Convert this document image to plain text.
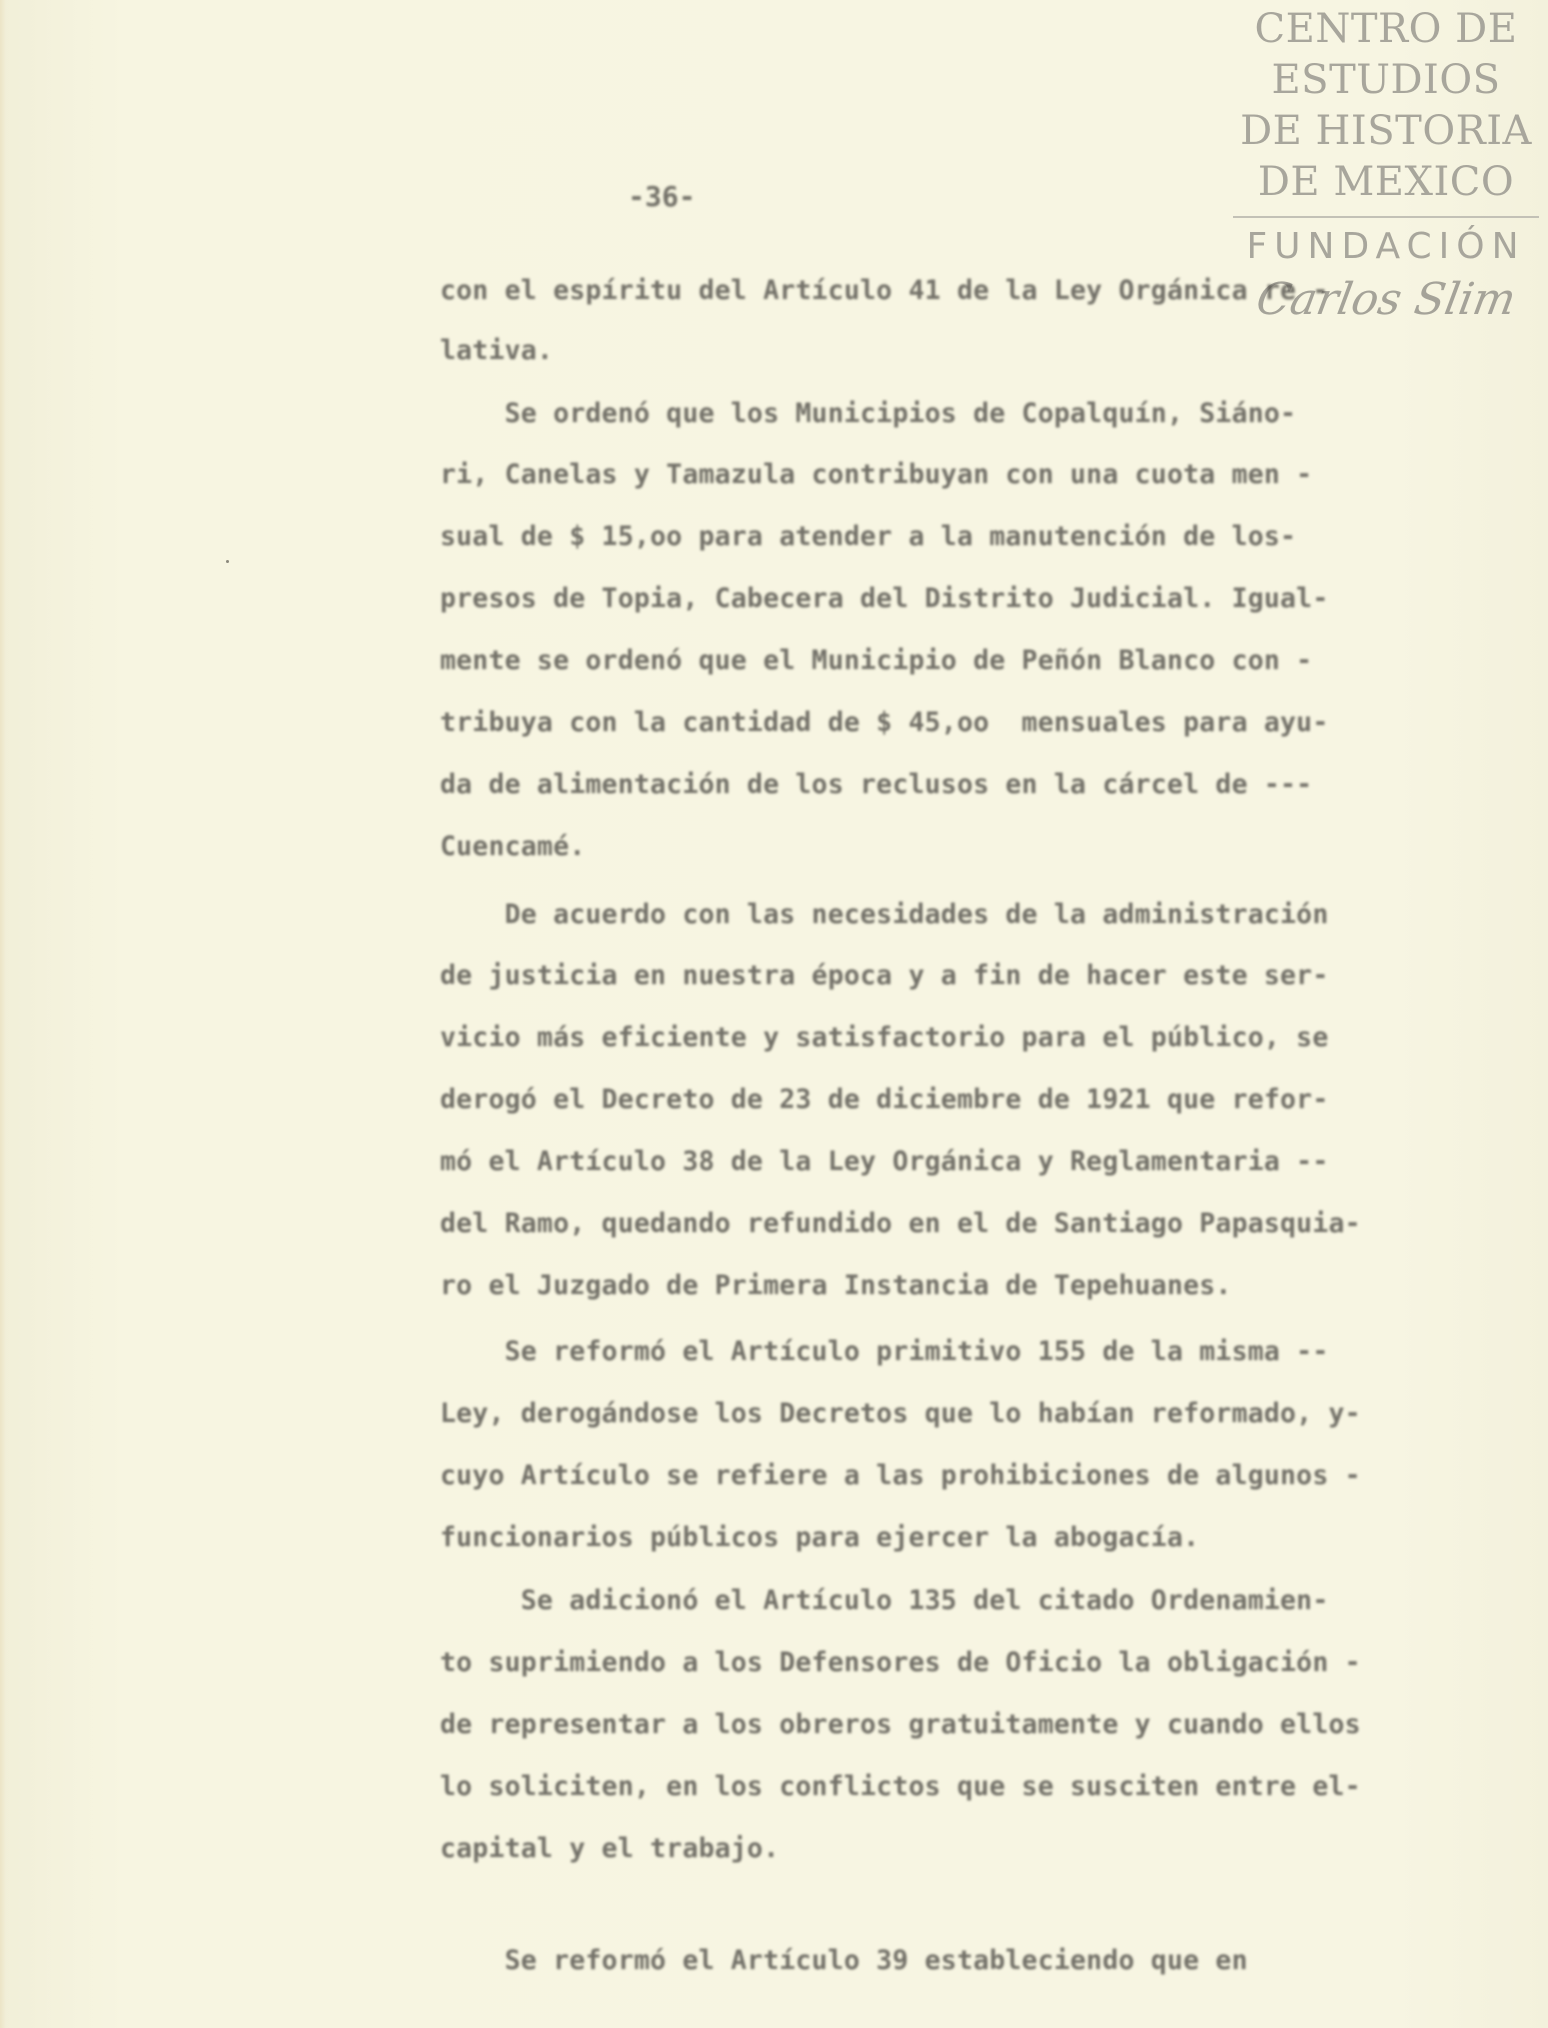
CENTRO DE
ESTUDIOS
DE HISTORIA
DE MEXICO
FUNDACIÓN
Carlos Slim
-36-
con el espíritu del Artículo 41 de la Ley Orgánica re -
lativa.
Se ordenó que los Municipios de Copalquín, Siáno-
ri, Canelas y Tamazula contribuyan con una cuota men -
sual de $ 15,oo para atender a la manutención de los-
presos de Topia, Cabecera del Distrito Judicial. Igual-
mente se ordenó que el Municipio de Peñón Blanco con -
tribuya con la cantidad de $ 45,oo  mensuales para ayu-
da de alimentación de los reclusos en la cárcel de ---
Cuencamé.
De acuerdo con las necesidades de la administración
de justicia en nuestra época y a fin de hacer este ser-
vicio más eficiente y satisfactorio para el público, se
derogó el Decreto de 23 de diciembre de 1921 que refor-
mó el Artículo 38 de la Ley Orgánica y Reglamentaria --
del Ramo, quedando refundido en el de Santiago Papasquia-
ro el Juzgado de Primera Instancia de Tepehuanes.
Se reformó el Artículo primitivo 155 de la misma --
Ley, derogándose los Decretos que lo habían reformado, y-
cuyo Artículo se refiere a las prohibiciones de algunos -
funcionarios públicos para ejercer la abogacía.
Se adicionó el Artículo 135 del citado Ordenamien-
to suprimiendo a los Defensores de Oficio la obligación -
de representar a los obreros gratuitamente y cuando ellos
lo soliciten, en los conflictos que se susciten entre el-
capital y el trabajo.
Se reformó el Artículo 39 estableciendo que en
